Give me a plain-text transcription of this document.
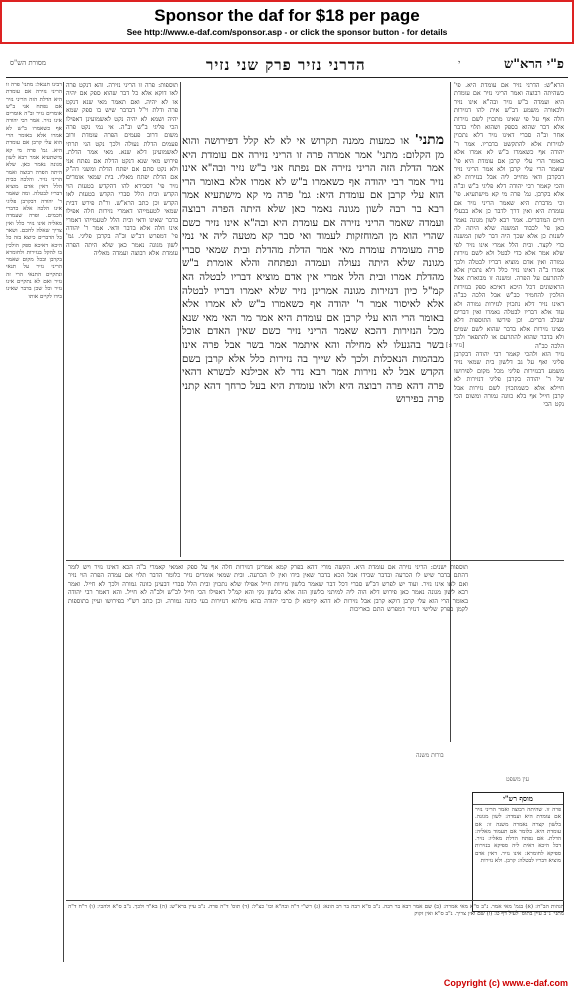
Sponsor the daf for $18 per page
See http://www.e-daf.com/sponsor.asp - or click the sponsor button - for details
מסורת הש"ס	הדרני נזיר פרק שני נזיר	י	פ"י הרא"ש
הרא"ש: הדרני נזיר אם עומדת היא. פי' כשהיתה רבוצה ואמר הריני נזיר אם עומדת היא ועמדה ב"ש נזיר ובה"א אינו נזיר ולכאורה משמע דב"ש אית להו דנזירות חלה אף על פי שאינו מתכוין לשם נזירות אלא דבר שהוא בספק ושהוא תלוי בדבר אחר וב"ה סברי דאינו נזיר דלא נתכוין לנזירות אלא להתקשט בדבריו. אמר ר' יהודה אף כשאמרו ב"ש לא אמרו אלא באומר הרי עלי קרבן אם עומדת היא פי' שאמר הרי עלי קרבן ולא אמר הריני נזיר דבקרבן ודאי מחייב ליה אבל בנזירות לא והכי קאמר רבי יהודה דלא פליגי ב"ש וב"ה אלא בקרבן. גמ' פרה מי קא מישתעיא. פי' וכי מדברת היא שאמר הריני נזיר אם עומדת היא ואין דרך לדבר כן אלא בבעלי חיים המדברים. אמר רבא לשון מגונה נאמר כאן פי' לכבוד המשנה שלא היתה לה לשנות כן אלא שכך היה דבר לשון המשנה כדי לקצר. ובית הלל אמרי אינו נזיר לפי שלא אמר אלא כדי לבטל ולא לשם נזירות גמורה ואין אדם מוציא דבריו לבטלה ולכך אמרו ב"ה דאינו נזיר כלל דלא נתכוין אלא להתרעם על הפרה. ומשנה זו מבוארת אצל הראשונים דכל היכא דאיכא ספק בנזירות הולכין להחמיר כב"ש אבל הלכה כב"ה דאינו נזיר דלא נתכוין לנזירות גמורה ולא עוד אלא דבריו לבטלה נאמרו ואין דברים שבלב דברים. וכן פירשו התוספות דלא מצינו נזירות אלא בדבר שהוא לשם שמים ולא בדבר שהוא להתרעם או להתפאר ולכך הלכה כב"ה
נזיר הוא ולהכי קאמר רבי יהודה דבקרבן פליגי ואף על גב דלשון בית שמאי נזיר משמע דבנזירות פליגי מכל מקום לפירושו של ר' יהודה בקרבן פליגי דנזירות לא חיילא אלא כשמתכוין לשם נזירות אבל קרבן חייל אף בלא כוונה גמורה ומשום הכי נקט הכי
מתני' או כמעות ממנה תקרוש אי לא לא קלל דפירושה והוא מן הקלום: מתני' אמר אמרה פרה זו הריני נזירה אם עומדת היא אמר הדלת הזה הריני נזירה אם נפתח אני ב"ש נזיר ובה"א אינו נזיר אמר רבי יהודה אף כשאמרו ב"ש לא אמרו אלא באומר הרי הוא עלי קרבן אם עומדת היא: גמ' פרה מי קא מישתעיא אמר רבא בר רבה לשון מגונה נאמר כאן שלא היתה הפרה רבוצה ועמדה שאמר הריני נזירה אם עומדת היא ובה"א אינו נזיר כשם שהרי הוא מן המוחזקות לעמוד ואי סבר קא מטעה ליה אי נמי פרה מעומדת עומדת מאי אמר הדלת מהדלת ובית שמאי סברי מגונה שלא היתה נעולה ועמדה ונפתחה והלא אומרת ב"ש מהדלת אמרו ובית הלל אמרי אין אדם מוציא דבריו לבטלה הא קמ"ל כיון דנזירות מגונה אמרינן נזיר שלא יאמרו דבריו לבטלה אלא לאיסור אמר ר' יהודה אף כשאמרו ב"ש לא אמרו אלא באומר הרי הוא עלי קרבן אם עומדת היא אמר מר האי מאי שנא מכל הנזירות דהכא שאמר הריני נזיר כשם שאין האדם אוכל בשר בהגעלו לא מחילה והא איתמר אמר בשר אבל פרה אינו מבהמות הנאכלות ולכך לא שייך בה נזירות כלל אלא קרבן בשם הקדש אבל לא נזירות אמר רבא נדר לא אכילנא לבשרא דהאי פרה דהא פרה רבוצה היא ולאו עומדת היא בעל כרחך דהא קתני פרה בפירוש
תוספות: פרה זו הריני נזירה. והא דנקט פרה לאו דוקא אלא כל דבר שהוא ספק אם יהיה או לא יהיה. ואם תאמר מאי שנא דנקט פרה ודלת וי"ל דבדבר שיש בו ספק שמא יהיה ושמא לא יהיה נקט לאשמועינן דאפילו הכי פליגי ב"ש וב"ה. אי נמי נקט פרה משום דרוב פעמים הפרה עומדת ורוב פעמים הדלת נעולה ולכך נקט הני תרתי לאשמועינן דלא שנא. מאי אמר הדלת. פירוש מאי שנא דנקט הדלת אם נפתח אני ולא נקט סתם אם יפתח הדלת ומשני דה"ק אם הדלת יפתח מאליו. בית שמאי אומרים נזיר פי' דסבירא להו דהקדש בטעות הוי הקדש ובית הלל סברי הקדש בטעות לאו הקדש וכן כתב הרא"ש. ור"ת פירש דבית שמאי לטעמייהו דאמרי נזירות חלה אפילו בדבר שאינו ודאי ובית הלל לטעמייהו דאמרי אינו חלה אלא בדבר ודאי. אמר ר' יהודה פי' דמפרש דב"ש וב"ה בקרבן פליגי. גמ' לשון מגונה נאמר כאן שלא היתה הפרה עומדת אלא רבוצה ועמדה מאליה
רבינו חננאל: מתני' פרה זו הריני נזירה אם עומדת היא הדלת הזה הריני נזיר אם נפתח אני ב"ש אומרים נזיר וב"ה אומרים אינו נזיר. אמר רבי יהודה אף כשאמרו ב"ש לא אמרו אלא באומר הרי הוא עלי קרבן אם עומדת היא. גמ' פרה מי קא מישתעיא אמר רבא לשון מגונה נאמר כאן. שלא היתה הפרה רבוצה ואמר הריני נזיר. והלכה כבית הלל דאין אדם מוציא דבריו לבטלה. ומה שאמר ר' יהודה דבקרבן פליגי אינו הלכה אלא כדברי חכמים. ופרה שעמדה מאליה אינו נזיר כלל ואין צריך שאלה לחכם. ושאר כל הדברים כיוצא בזה כל היכא דאיכא ספק הולכין בו להקל בנזירות ולחומרא בקרבן ובכל מקום שאמר הריני נזיר על תנאי ונתקיים התנאי הרי זה נזיר ואם לא נתקיים אינו נזיר וכל שכן בדבר שאינו בידו לקיים אותו
תוספות ישנים: הריני נזירה אם עומדת היא. הקשה מורי דהא בפרק קמא אמרינן דנזירות חלה אף על ספק ואמאי קאמרי ב"ה הכא דאינו נזיר ויש לומר דהתם בדבר שיש לו הכרעה ובדבר שבידו אבל הכא בדבר שאין בידו ואין לו הכרעה. ובית שמאי אומרים נזיר כלומר הדבר תלוי אם עמדה הפרה הוי נזיר ואם לאו אינו נזיר. ועוד יש לפרש דב"ש סברי דכל דבר שאמר בלשון נזירות חייל אפילו שלא נתכוין ובית הלל סברי דבעינן כוונה גמורה ולכך לא חייל. ואמר רבא לשון מגונה נאמר כאן פירוש דלא הוה ליה למיתני בלשון הזה אלא בלשון נקי והא קמ"ל דאפילו הכי חייל לב"ש ולב"ה לא חייל. והא דאמר רבי יהודה באומר הרי הוא עלי קרבן דוקא קרבן אבל נזירות לא דהא קיימא לן כרבי יהודה בהא מילתא דנזירות בעי כוונה גמורה. וכן כתב רש"י בפירושו ועיין בתוספות לקמן בפרק שלישי דנזיר דמפרש התם באריכות
מוסף רש"י
פרה זו. שהיתה רבוצה ואמר הריני נזיר אם עומדת היא ועמדה: לשון מגונה. בלשון קצרה נאמרה משנה זו: אם עומדת היא. כלומר אם תעמוד מאליה: הדלת. אם נפתח הדלת מאליו: נזיר. דכל היכא דאית ליה ספיקא בנזירות ספיקא לחומרא: אינו נזיר. דאין אדם מוציא דבריו לבטלה: קרבן. ולא נזירות
הגהות הב"ח: (א) בגמ' מאי אמר. נ"ב ס"א מאי אמרה: (ב) שם אמר רבא בר רבה. נ"ב ס"א רבה בר רב הונא: (ג) רש"י ד"ה ובה"א וכו' כצ"ל: (ד) תוס' ד"ה פרה. נ"ב עיין ברא"ש: (ה) בא"ד ולכך. נ"ב ס"א ולהכי: (ו) ר"ח ד"ה מתני' נ"ב עיין בתוס' לעיל דף ט: (ז) שם ואין צריך. נ"ב ס"א ואין זקוק
[נזיר ו:]
בורות משנה
עין משפט
Copyright (c) www.e-daf.com
